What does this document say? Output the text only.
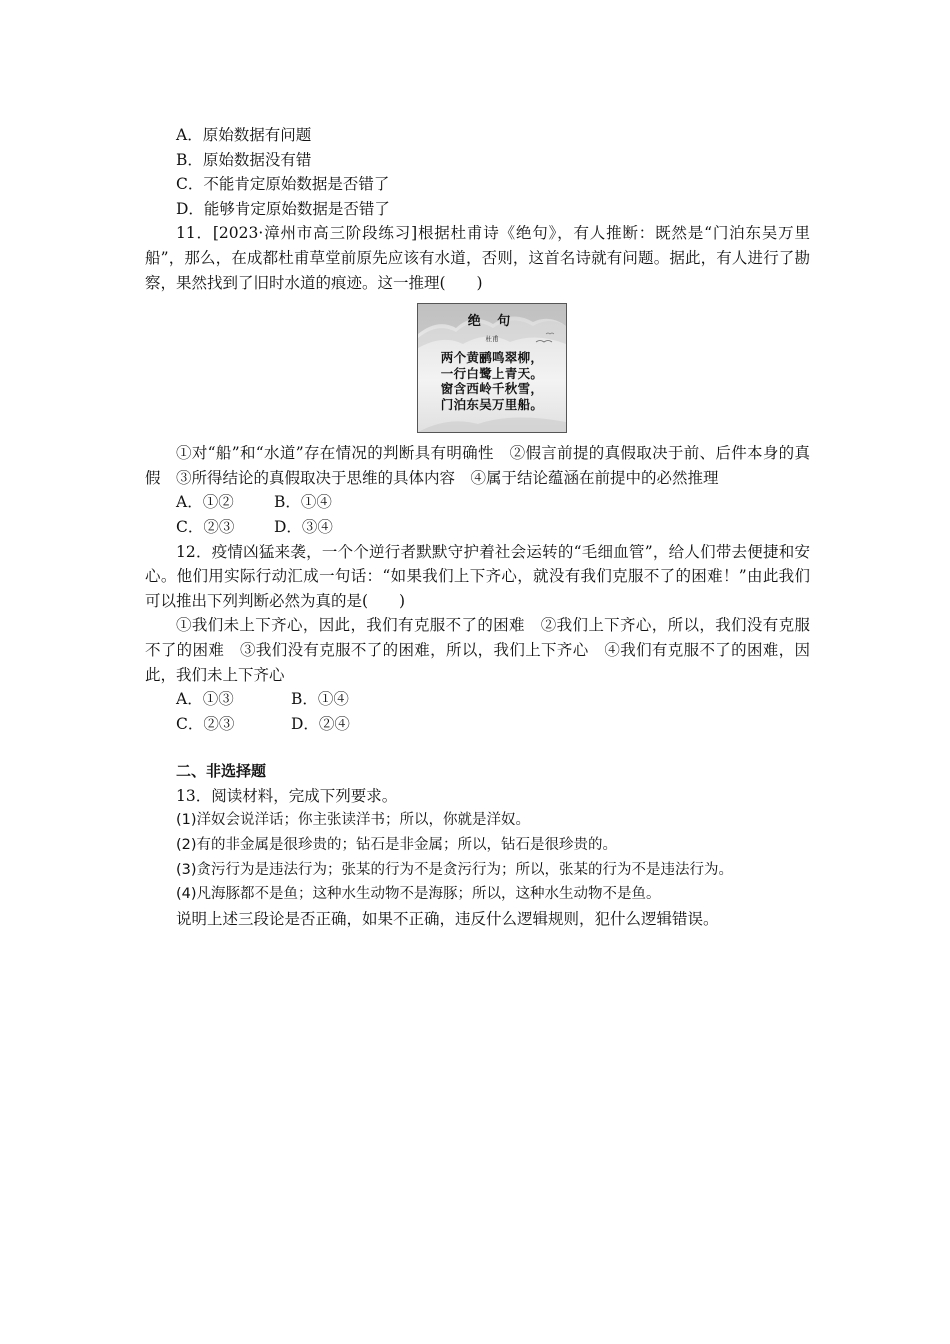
A．原始数据有问题
B．原始数据没有错
C．不能肯定原始数据是否错了
D．能够肯定原始数据是否错了
11．[2023·漳州市高三阶段练习]根据杜甫诗《绝句》，有人推断：既然是“门泊东吴万里船”，那么，在成都杜甫草堂前原先应该有水道，否则，这首名诗就有问题。据此，有人进行了勘察，果然找到了旧时水道的痕迹。这一推理(　　)
绝 句
杜甫
两个黄鹂鸣翠柳，
一行白鹭上青天。
窗含西岭千秋雪，
门泊东吴万里船。
①对“船”和“水道”存在情况的判断具有明确性　②假言前提的真假取决于前、后件本身的真假　③所得结论的真假取决于思维的具体内容　④属于结论蕴涵在前提中的必然推理
A．①②	B．①④
C．②③	D．③④
12．疫情凶猛来袭，一个个逆行者默默守护着社会运转的“毛细血管”，给人们带去便捷和安心。他们用实际行动汇成一句话：“如果我们上下齐心，就没有我们克服不了的困难！”由此我们可以推出下列判断必然为真的是(　　)
①我们未上下齐心，因此，我们有克服不了的困难　②我们上下齐心，所以，我们没有克服不了的困难　③我们没有克服不了的困难，所以，我们上下齐心　④我们有克服不了的困难，因此，我们未上下齐心
A．①③	B．①④
C．②③	D．②④
二、非选择题
13．阅读材料，完成下列要求。
(1)洋奴会说洋话；你主张读洋书；所以，你就是洋奴。
(2)有的非金属是很珍贵的；钻石是非金属；所以，钻石是很珍贵的。
(3)贪污行为是违法行为；张某的行为不是贪污行为；所以，张某的行为不是违法行为。
(4)凡海豚都不是鱼；这种水生动物不是海豚；所以，这种水生动物不是鱼。
说明上述三段论是否正确，如果不正确，违反什么逻辑规则，犯什么逻辑错误。
